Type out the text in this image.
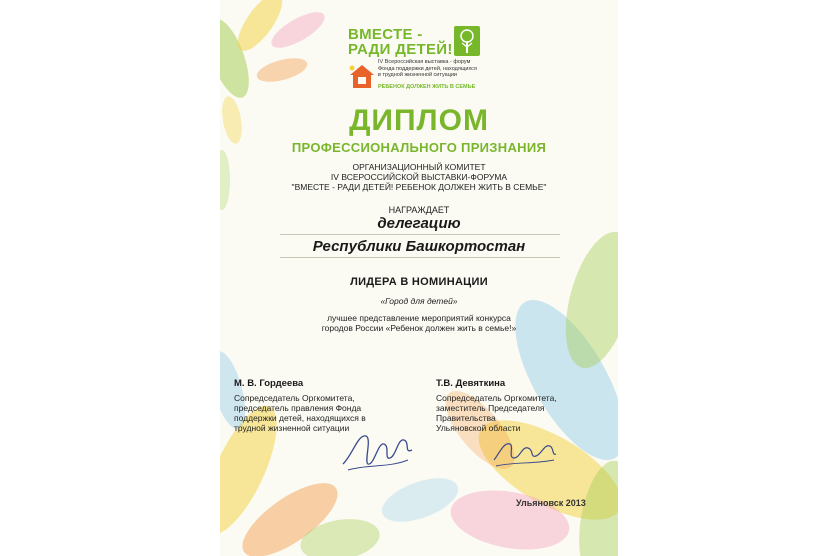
ВМЕСТЕ -
РАДИ ДЕТЕЙ!
IV Всероссийская выставка - форум
Фонда поддержки детей, находящихся
в трудной жизненной ситуации
РЕБЕНОК ДОЛЖЕН ЖИТЬ В СЕМЬЕ
ДИПЛОМ
ПРОФЕССИОНАЛЬНОГО ПРИЗНАНИЯ
ОРГАНИЗАЦИОННЫЙ КОМИТЕТ
IV ВСЕРОССИЙСКОЙ ВЫСТАВКИ-ФОРУМА
"ВМЕСТЕ - РАДИ ДЕТЕЙ! РЕБЕНОК ДОЛЖЕН ЖИТЬ В СЕМЬЕ"
НАГРАЖДАЕТ
делегацию
Республики Башкортостан
ЛИДЕРА В НОМИНАЦИИ
«Город для детей»
лучшее представление мероприятий конкурса
городов России «Ребенок должен жить в семье!»
М. В. Гордеева
Сопредседатель Оргкомитета,
председатель правления Фонда
поддержки детей, находящихся в
трудной жизненной ситуации
Т.В. Девяткина
Сопредседатель Оргкомитета,
заместитель Председателя
Правительства
Ульяновской области
Ульяновск 2013
